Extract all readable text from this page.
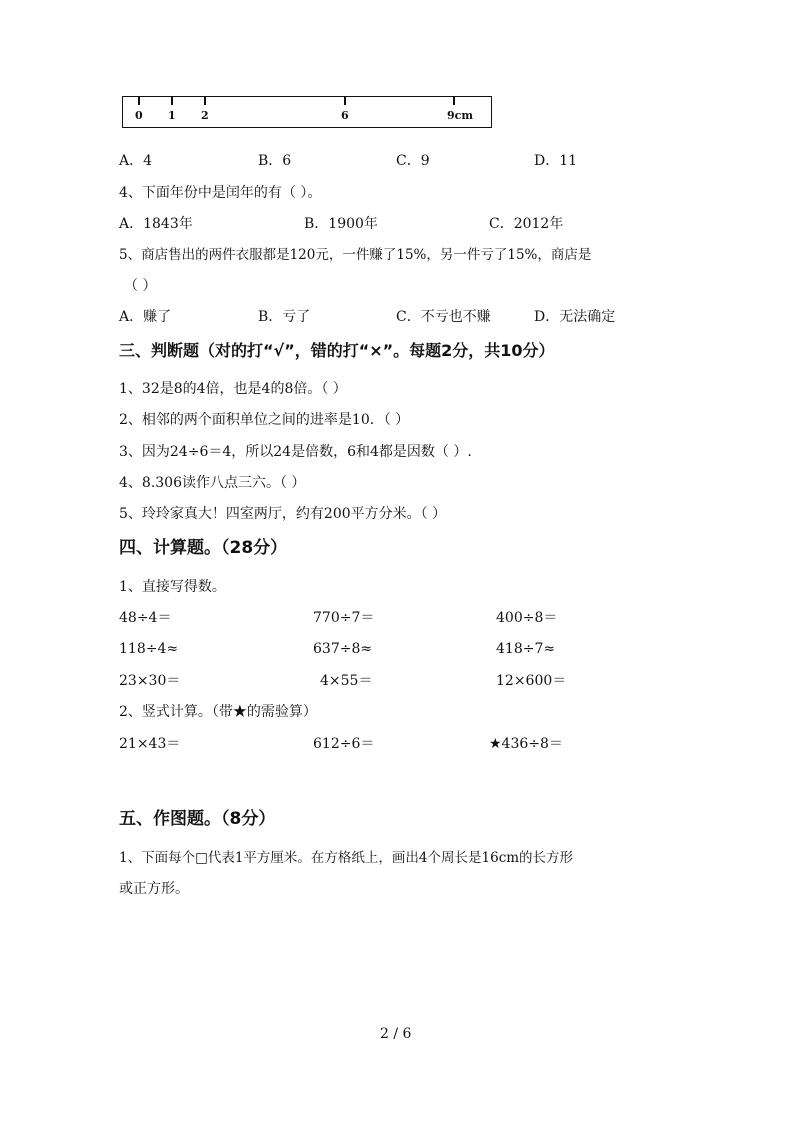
0 1 2	6	9cm
A．4	B．6	C．9	D．11
4、下面年份中是闰年的有（ ）。
A．1843年	B．1900年	C．2012年
5、商店售出的两件衣服都是120元，一件赚了15%，另一件亏了15%，商店是
（ ）
A．赚了	B．亏了	C．不亏也不赚	D．无法确定
三、判断题（对的打“√”，错的打“×”。每题2分，共10分）
1、32是8的4倍，也是4的8倍。（ ）
2、相邻的两个面积单位之间的进率是10．（ ）
3、因为24÷6＝4，所以24是倍数，6和4都是因数（ ）.
4、8.306读作八点三六。（ ）
5、玲玲家真大！四室两厅，约有200平方分米。（ ）
四、计算题。（28分）
1、直接写得数。
48÷4＝	770÷7＝	400÷8＝
118÷4≈	637÷8≈	418÷7≈
23×30＝	4×55＝	12×600＝
2、竖式计算。（带★的需验算）
21×43＝	612÷6＝	★436÷8＝
五、作图题。（8分）
1、下面每个□代表1平方厘米。在方格纸上，画出4个周长是16cm的长方形
或正方形。
2 / 6
